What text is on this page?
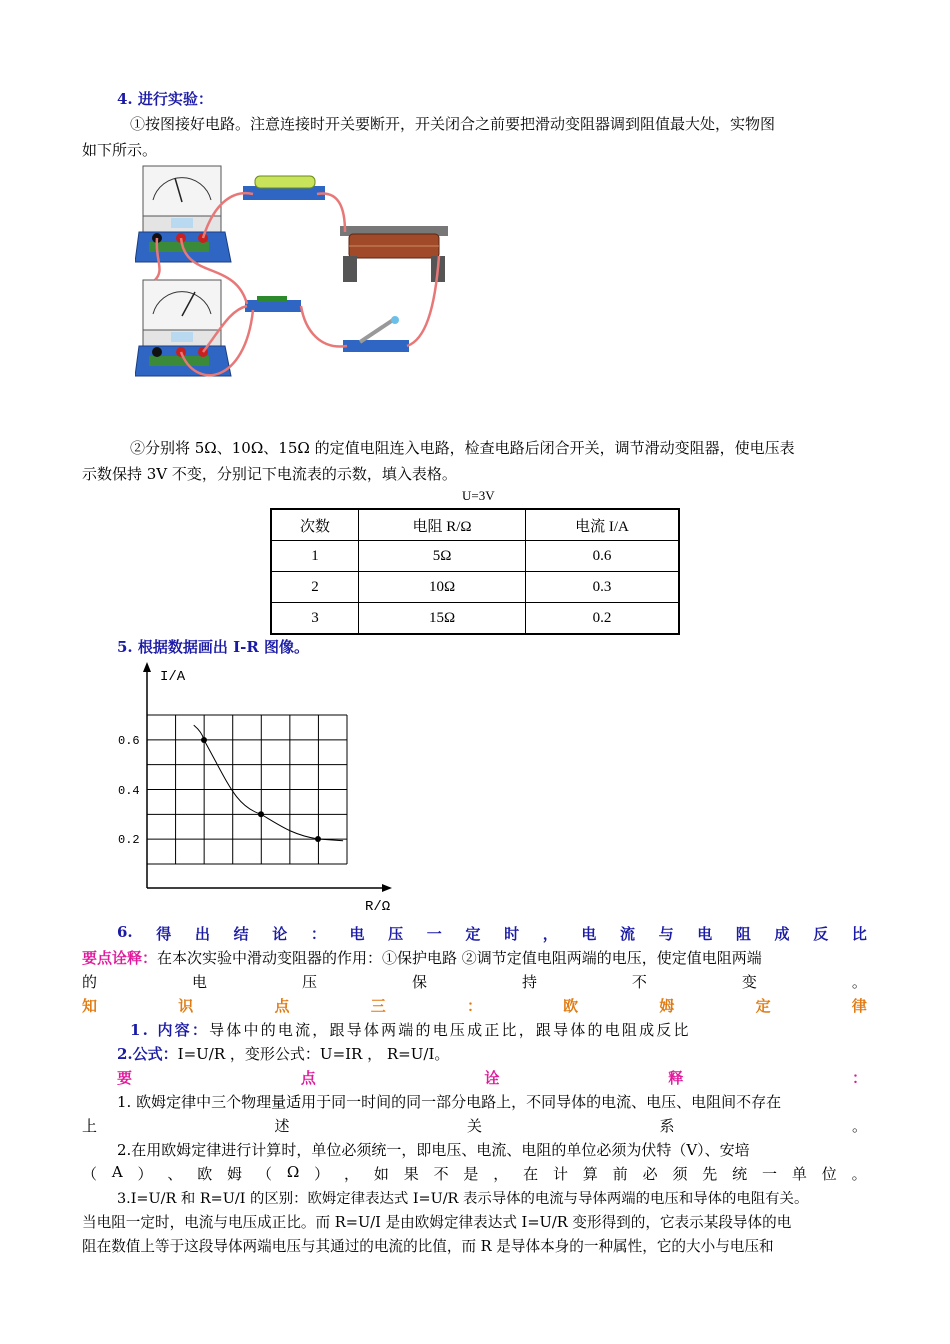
4. 进行实验：
①按图接好电路。注意连接时开关要断开，开关闭合之前要把滑动变阻器调到阻值最大处，实物图
如下所示。
②分别将 5Ω、10Ω、15Ω 的定值电阻连入电路，检查电路后闭合开关，调节滑动变阻器，使电压表
示数保持 3V 不变，分别记下电流表的示数，填入表格。
U=3V
次数	电阻 R/Ω	电流 I/A
1	5Ω	0.6
2	10Ω	0.3
3	15Ω	0.2
5. 根据数据画出 I-R 图像。
I/A
R/Ω
0.6
0.4
0.2
6. 得 出 结 论 ： 电 压 一 定 时 ， 电 流 与 电 阻 成 反 比
要点诠释：在本次实验中滑动变阻器的作用：①保护电路 ②调节定值电阻两端的电压，使定值电阻两端
的	电	压	保	持	不	变	。
知	识	点	三	：	欧	姆	定	律
1. 内容：导体中的电流，跟导体两端的电压成正比，跟导体的电阻成反比
2.公式：I=U/R ，变形公式：U=IR ， R=U/I。
要	点	诠	释	：
1. 欧姆定律中三个物理量适用于同一时间的同一部分电路上，不同导体的电流、电压、电阻间不存在
上	述	关	系	。
2.在用欧姆定律进行计算时，单位必须统一，即电压、电流、电阻的单位必须为伏特（V）、安培
（ A ） 、 欧 姆 （ Ω ） ， 如 果 不 是 ， 在 计 算 前 必 须 先 统 一 单 位 。
3.I=U/R 和 R=U/I 的区别：欧姆定律表达式 I=U/R 表示导体的电流与导体两端的电压和导体的电阻有关。
当电阻一定时，电流与电压成正比。而 R=U/I 是由欧姆定律表达式 I=U/R 变形得到的，它表示某段导体的电
阻在数值上等于这段导体两端电压与其通过的电流的比值，而 R 是导体本身的一种属性，它的大小与电压和
